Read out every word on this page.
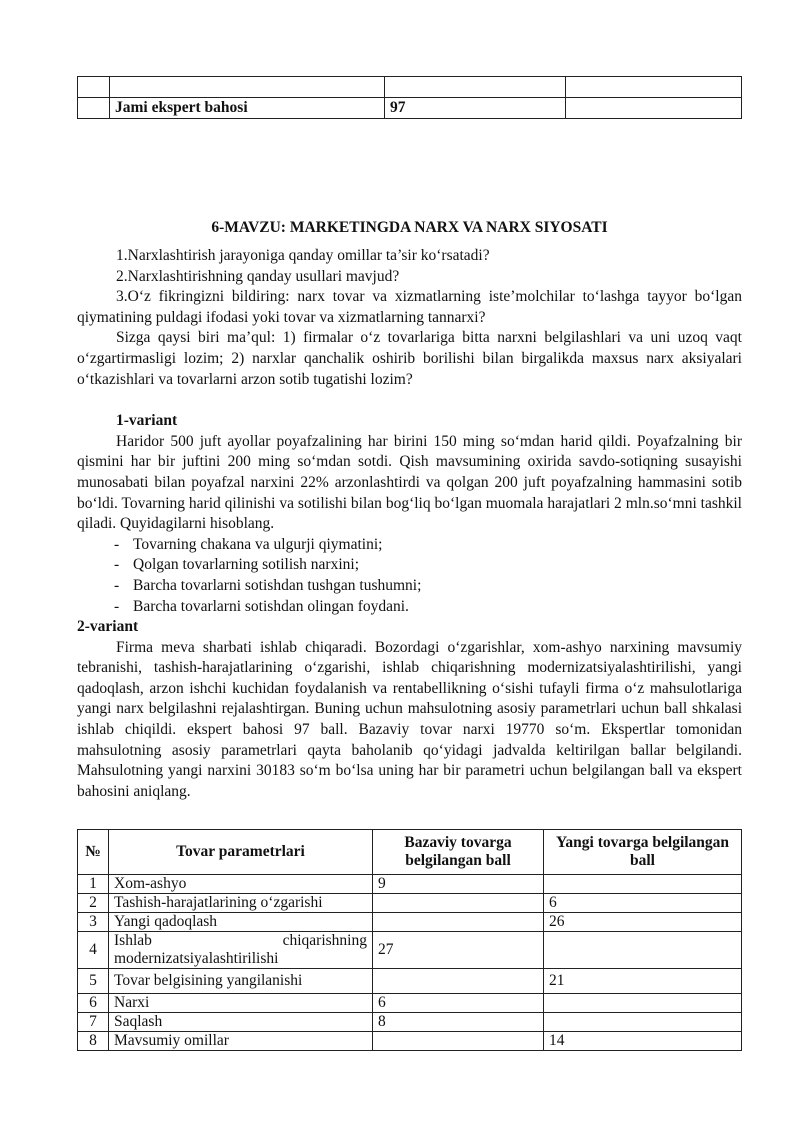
	Jami ekspert bahosi	97	
6-MAVZU: MARKETINGDA NARX VA NARX SIYOSATI

1.Narxlashtirish jarayoniga qanday omillar ta’sir ko‘rsatadi?

2.Narxlashtirishning qanday usullari mavjud?

3.O‘z fikringizni bildiring: narx tovar va xizmatlarning iste’molchilar to‘lashga tayyor bo‘lgan qiymatining puldagi ifodasi yoki tovar va xizmatlarning tannarxi?

Sizga qaysi biri ma’qul: 1) firmalar o‘z tovarlariga bitta narxni belgilashlari va uni uzoq vaqt o‘zgartirmasligi lozim; 2) narxlar qanchalik oshirib borilishi bilan birgalikda maxsus narx aksiyalari o‘tkazishlari va tovarlarni arzon sotib tugatishi lozim?

1-variant

Haridor 500 juft ayollar poyafzalining har birini 150 ming so‘mdan harid qildi. Poyafzalning bir qismini har bir juftini 200 ming so‘mdan sotdi. Qish mavsumining oxirida savdo-sotiqning susayishi munosabati bilan poyafzal narxini 22% arzonlashtirdi va qolgan 200 juft poyafzalning hammasini sotib bo‘ldi. Tovarning harid qilinishi va sotilishi bilan bog‘liq bo‘lgan muomala harajatlari 2 mln.so‘mni tashkil qiladi. Quyidagilarni hisoblang.

- Tovarning chakana va ulgurji qiymatini;
- Qolgan tovarlarning sotilish narxini;
- Barcha tovarlarni sotishdan tushgan tushumni;
- Barcha tovarlarni sotishdan olingan foydani.

2-variant

Firma meva sharbati ishlab chiqaradi. Bozordagi o‘zgarishlar, xom-ashyo narxining mavsumiy tebranishi, tashish-harajatlarining o‘zgarishi, ishlab chiqarishning modernizatsiyalashtirilishi, yangi qadoqlash, arzon ishchi kuchidan foydalanish va rentabellikning o‘sishi tufayli firma o‘z mahsulotlariga yangi narx belgilashni rejalashtirgan. Buning uchun mahsulotning asosiy parametrlari uchun ball shkalasi ishlab chiqildi. ekspert bahosi 97 ball. Bazaviy tovar narxi 19770 so‘m. Ekspertlar tomonidan mahsulotning asosiy parametrlari qayta baholanib qo‘yidagi jadvalda keltirilgan ballar belgilandi. Mahsulotning yangi narxini 30183 so‘m bo‘lsa uning har bir parametri uchun belgilangan ball va ekspert bahosini aniqlang.

№	Tovar parametrlari	Bazaviy tovarga belgilangan ball	Yangi tovarga belgilangan ball
1	Xom-ashyo	9	
2	Tashish-harajatlarining o‘zgarishi		6
3	Yangi qadoqlash		26
4	Ishlab chiqarishning modernizatsiyalashtirilishi	27	
5	Tovar belgisining yangilanishi		21
6	Narxi	6	
7	Saqlash	8	
8	Mavsumiy omillar		14
